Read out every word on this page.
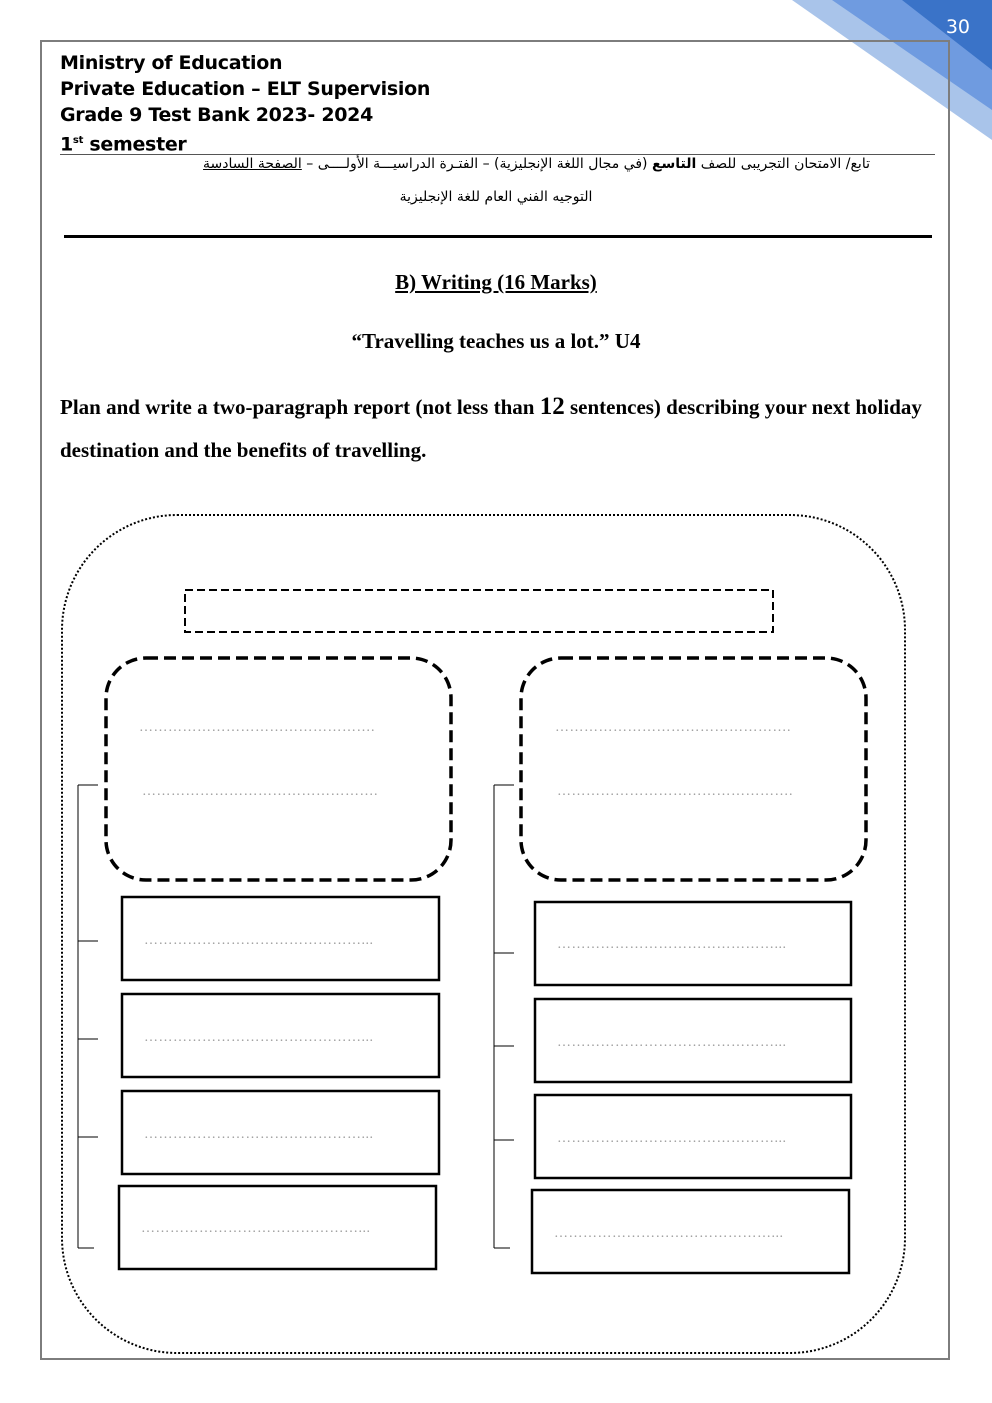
30
Ministry of Education
Private Education – ELT Supervision
Grade 9 Test Bank 2023- 2024
1st semester
تابع/ الامتحان التجريبى للصف التاسع (في مجال اللغة الإنجليزية) – الفتـرة الدراسيـــة الأولــــى – الصفحة السادسة
التوجيه الفني العام للغة الإنجليزية
B) Writing (16 Marks)
“Travelling teaches us a lot.” U4
Plan and write a two-paragraph report (not less than 12 sentences) describing your next holiday destination and the benefits of travelling.
………………………………………….
………………………………………….
………………………………………….
………………………………………….
………………………………………...
………………………………………...
………………………………………...
………………………………………...
………………………………………...
………………………………………...
………………………………………...
………………………………………...
